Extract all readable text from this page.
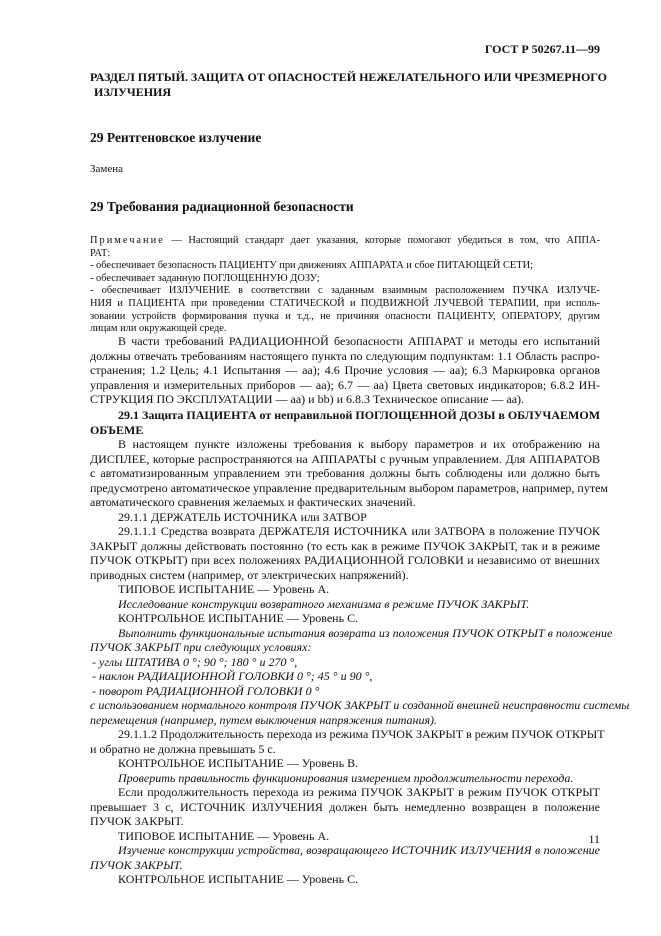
ГОСТ Р 50267.11—99
РАЗДЕЛ ПЯТЫЙ. ЗАЩИТА ОТ ОПАСНОСТЕЙ НЕЖЕЛАТЕЛЬНОГО ИЛИ ЧРЕЗМЕРНОГО
ИЗЛУЧЕНИЯ
29 Рентгеновское излучение
Замена
29 Требования радиационной безопасности
Примечание — Настоящий стандарт дает указания, которые помогают убедиться в том, что АППА-
РАТ:
- обеспечивает безопасность ПАЦИЕНТУ при движениях АППАРАТА и сбое ПИТАЮЩЕЙ СЕТИ;
- обеспечивает заданную ПОГЛОЩЕННУЮ ДОЗУ;
- обеспечивает ИЗЛУЧЕНИЕ в соответствии с заданным взаимным расположением ПУЧКА ИЗЛУЧЕ-
НИЯ и ПАЦИЕНТА при проведении СТАТИЧЕСКОЙ и ПОДВИЖНОЙ ЛУЧЕВОЙ ТЕРАПИИ, при исполь-
зовании устройств формирования пучка и т.д., не причиняя опасности ПАЦИЕНТУ, ОПЕРАТОРУ, другим
лицам или окружающей среде.
В части требований РАДИАЦИОННОЙ безопасности АППАРАТ и методы его испытаний
должны отвечать требованиям настоящего пункта по следующим подпунктам: 1.1 Область распро-
странения; 1.2 Цель; 4.1 Испытания — аа); 4.6 Прочие условия — аа); 6.3 Маркировка органов
управления и измерительных приборов — аа); 6.7 — аа) Цвета световых индикаторов; 6.8.2 ИН-
СТРУКЦИЯ ПО ЭКСПЛУАТАЦИИ — аа) и bb) и 6.8.3 Техническое описание — аа).
29.1 Защита ПАЦИЕНТА от неправильной ПОГЛОЩЕННОЙ ДОЗЫ в ОБЛУЧАЕМОМ
ОБЪЕМЕ
В настоящем пункте изложены требования к выбору параметров и их отображению на
ДИСПЛЕЕ, которые распространяются на АППАРАТЫ с ручным управлением. Для АППАРАТОВ
с автоматизированным управлением эти требования должны быть соблюдены или должно быть
предусмотрено автоматическое управление предварительным выбором параметров, например, путем
автоматического сравнения желаемых и фактических значений.
29.1.1 ДЕРЖАТЕЛЬ ИСТОЧНИКА или ЗАТВОР
29.1.1.1 Средства возврата ДЕРЖАТЕЛЯ ИСТОЧНИКА или ЗАТВОРА в положение ПУЧОК
ЗАКРЫТ должны действовать постоянно (то есть как в режиме ПУЧОК ЗАКРЫТ, так и в режиме
ПУЧОК ОТКРЫТ) при всех положениях РАДИАЦИОННОЙ ГОЛОВКИ и независимо от внешних
приводных систем (например, от электрических напряжений).
ТИПОВОЕ ИСПЫТАНИЕ — Уровень А.
Исследование конструкции возвратного механизма в режиме ПУЧОК ЗАКРЫТ.
КОНТРОЛЬНОЕ ИСПЫТАНИЕ — Уровень С.
Выполнить функциональные испытания возврата из положения ПУЧОК ОТКРЫТ в положение
ПУЧОК ЗАКРЫТ при следующих условиях:
- углы ШТАТИВА 0 °; 90 °; 180 ° и 270 °,
- наклон РАДИАЦИОННОЙ ГОЛОВКИ 0 °; 45 ° и 90 °,
- поворот РАДИАЦИОННОЙ ГОЛОВКИ 0 °
с использованием нормального контроля ПУЧОК ЗАКРЫТ и созданной внешней неисправности системы
перемещения (например, путем выключения напряжения питания).
29.1.1.2 Продолжительность перехода из режима ПУЧОК ЗАКРЫТ в режим ПУЧОК ОТКРЫТ
и обратно не должна превышать 5 с.
КОНТРОЛЬНОЕ ИСПЫТАНИЕ — Уровень В.
Проверить правильность функционирования измерением продолжительности перехода.
Если продолжительность перехода из режима ПУЧОК ЗАКРЫТ в режим ПУЧОК ОТКРЫТ
превышает 3 с, ИСТОЧНИК ИЗЛУЧЕНИЯ должен быть немедленно возвращен в положение
ПУЧОК ЗАКРЫТ.
ТИПОВОЕ ИСПЫТАНИЕ — Уровень А.
Изучение конструкции устройства, возвращающего ИСТОЧНИК ИЗЛУЧЕНИЯ в положение
ПУЧОК ЗАКРЫТ.
КОНТРОЛЬНОЕ ИСПЫТАНИЕ — Уровень С.
11
